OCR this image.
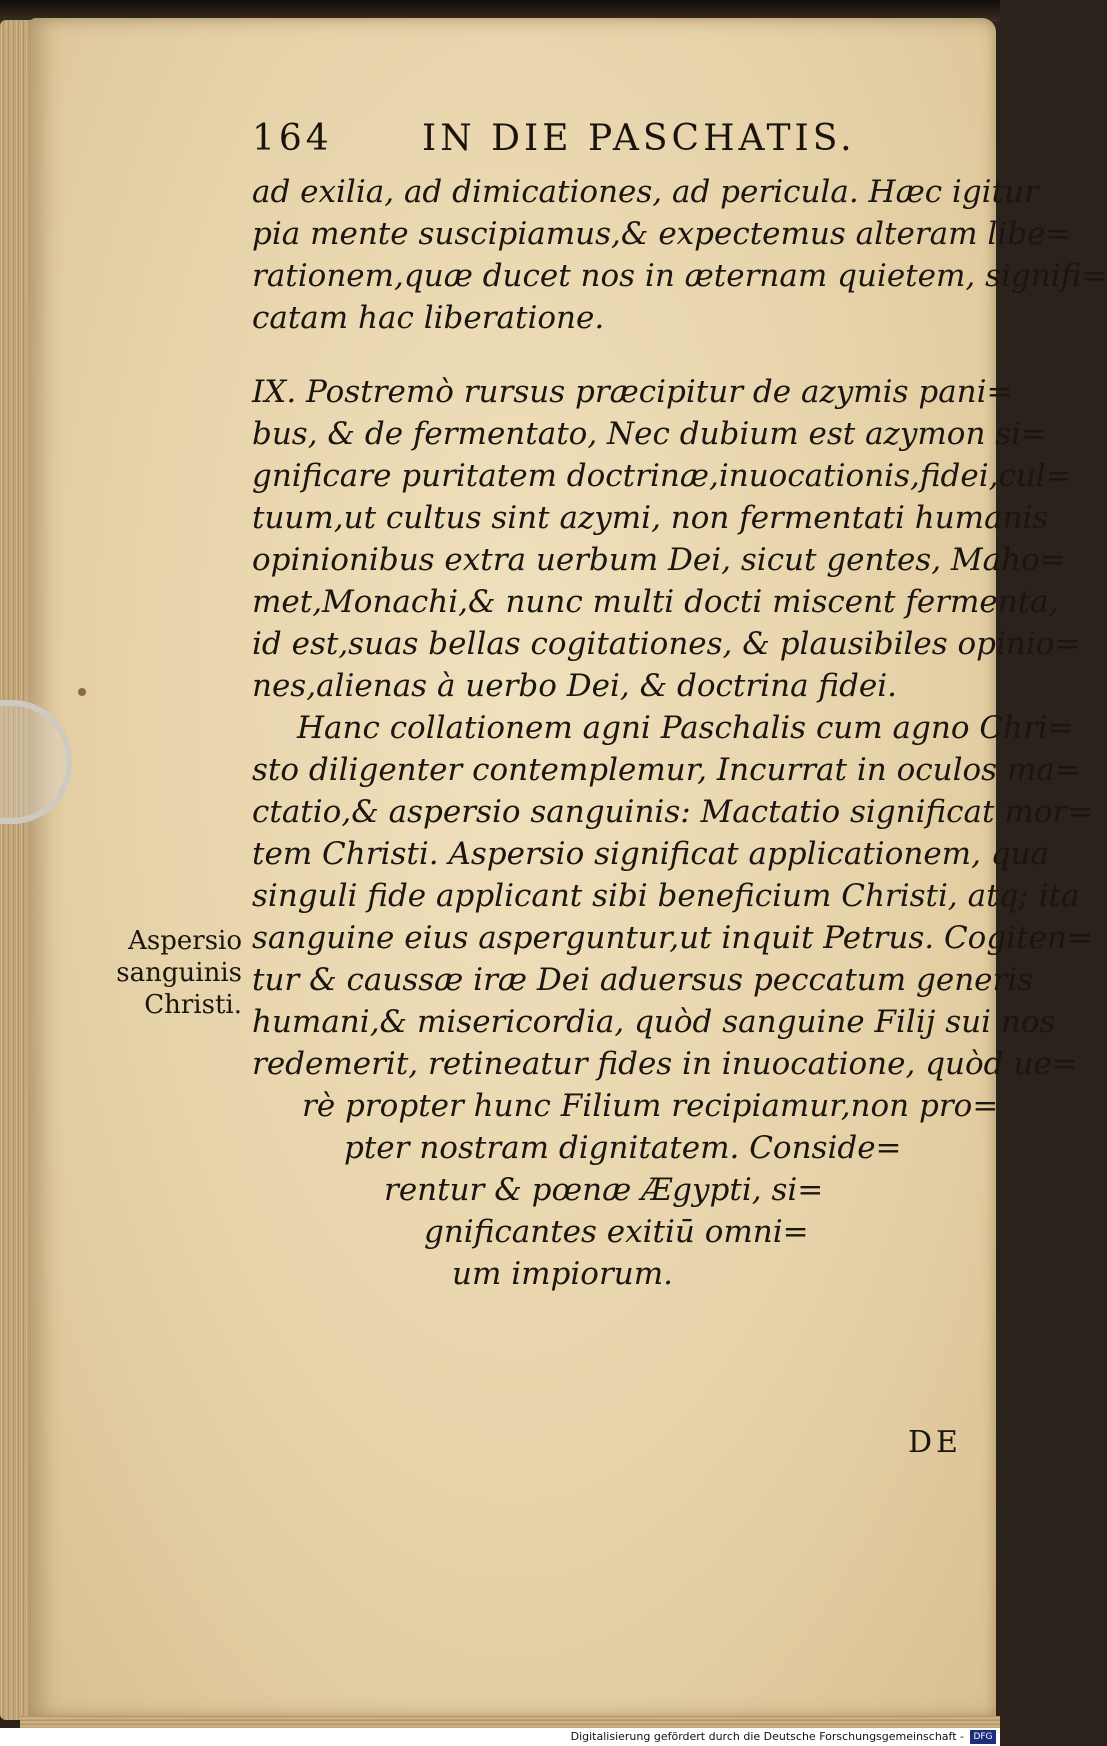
164 IN DIE PASCHATIS.
ad exilia, ad dimicationes, ad pericula. Hæc igitur
pia mente suscipiamus,& expectemus alteram libe=
rationem,quæ ducet nos in æternam quietem, signifi=
catam hac liberatione.
IX. Postremò rursus præcipitur de azymis pani=
bus, & de fermentato, Nec dubium est azymon si=
gnificare puritatem doctrinæ,inuocationis,fidei,cul=
tuum,ut cultus sint azymi, non fermentati humanis
opinionibus extra uerbum Dei, sicut gentes, Maho=
met,Monachi,& nunc multi docti miscent fermenta,
id est,suas bellas cogitationes, & plausibiles opinio=
nes,alienas à uerbo Dei, & doctrina fidei.
Hanc collationem agni Paschalis cum agno Chri=
sto diligenter contemplemur, Incurrat in oculos ma=
ctatio,& aspersio sanguinis: Mactatio significat mor=
tem Christi. Aspersio significat applicationem, qua
singuli fide applicant sibi beneficium Christi, atq; ita
sanguine eius asperguntur,ut inquit Petrus. Cogiten=
tur & caussæ iræ Dei aduersus peccatum generis
humani,& misericordia, quòd sanguine Filij sui nos
redemerit, retineatur fides in inuocatione, quòd ue=
rè propter hunc Filium recipiamur,non pro=
pter nostram dignitatem. Conside=
rentur & pœnæ Ægypti, si=
gnificantes exitiū omni=
um impiorum.
Aspersio
sanguinis
Christi.
DE
Digitalisierung gefördert durch die Deutsche Forschungsgemeinschaft -	DFG
